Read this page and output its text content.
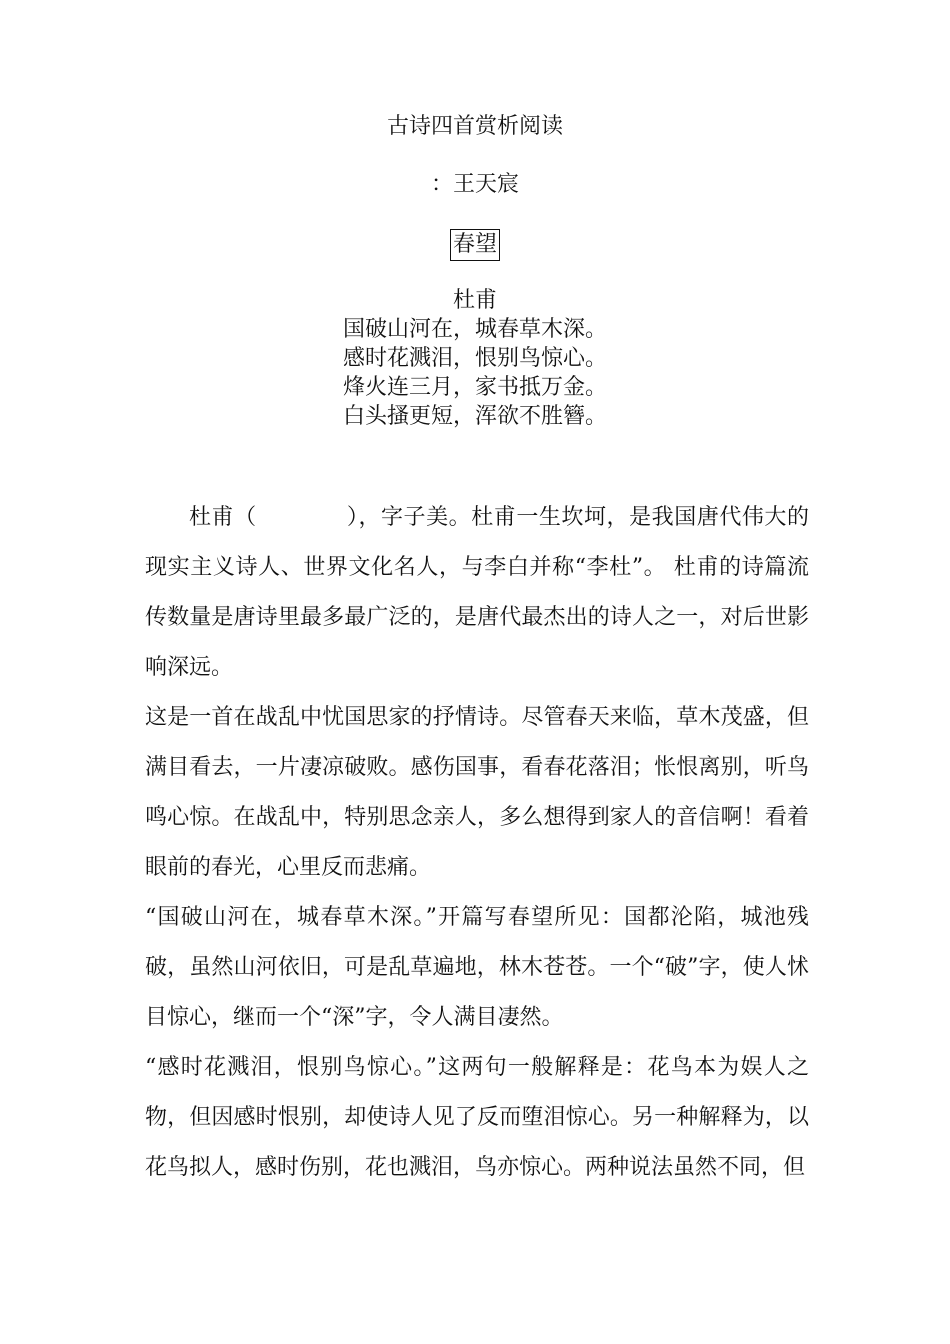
古诗四首赏析阅读
：王天宸
春望
杜甫
国破山河在，城春草木深。
感时花溅泪，恨别鸟惊心。
烽火连三月，家书抵万金。
白头搔更短，浑欲不胜簪。

杜甫（　　　　），字子美。杜甫一生坎坷，是我国唐代伟大的现实主义诗人、世界文化名人，与李白并称“李杜”。 杜甫的诗篇流传数量是唐诗里最多最广泛的，是唐代最杰出的诗人之一，对后世影响深远。

这是一首在战乱中忧国思家的抒情诗。尽管春天来临，草木茂盛，但满目看去，一片凄凉破败。感伤国事，看春花落泪；怅恨离别，听鸟鸣心惊。在战乱中，特别思念亲人，多么想得到家人的音信啊！看着眼前的春光，心里反而悲痛。

“国破山河在，城春草木深。”开篇写春望所见：国都沦陷，城池残破，虽然山河依旧，可是乱草遍地，林木苍苍。一个“破”字，使人怵目惊心，继而一个“深”字，令人满目凄然。

“感时花溅泪，恨别鸟惊心。”这两句一般解释是：花鸟本为娱人之物，但因感时恨别，却使诗人见了反而堕泪惊心。另一种解释为，以花鸟拟人，感时伤别，花也溅泪，鸟亦惊心。两种说法虽然不同，但
